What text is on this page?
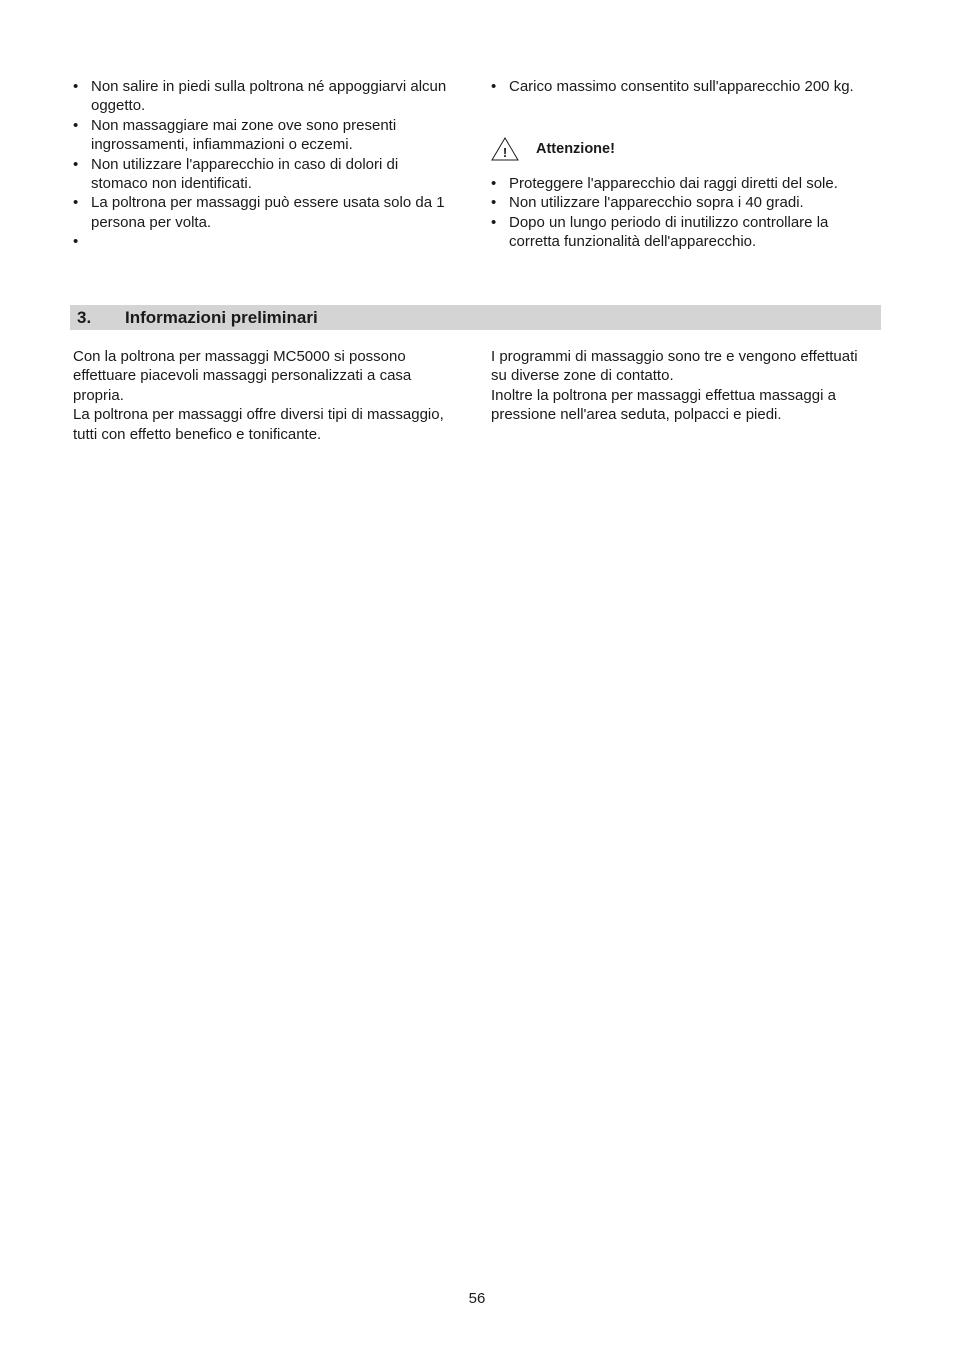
• Non salire in piedi sulla poltrona né appoggiarvi alcun oggetto.
• Non massaggiare mai zone ove sono presenti ingrossamenti, infiammazioni o eczemi.
• Non utilizzare l'apparecchio in caso di dolori di stomaco non identificati.
• La poltrona per massaggi può essere usata solo da 1 persona per volta.
•
• Carico massimo consentito sull'apparecchio 200 kg.
! Attenzione!
• Proteggere l'apparecchio dai raggi diretti del sole.
• Non utilizzare l'apparecchio sopra i 40 gradi.
• Dopo un lungo periodo di inutilizzo controllare la corretta funzionalità dell'apparecchio.
3. Informazioni preliminari

Con la poltrona per massaggi MC5000 si possono effettuare piacevoli massaggi personalizzati a casa propria.

La poltrona per massaggi offre diversi tipi di massaggio, tutti con effetto benefico e tonificante.

I programmi di massaggio sono tre e vengono effettuati su diverse zone di contatto.

Inoltre la poltrona per massaggi effettua massaggi a pressione nell'area seduta, polpacci e piedi.

56
